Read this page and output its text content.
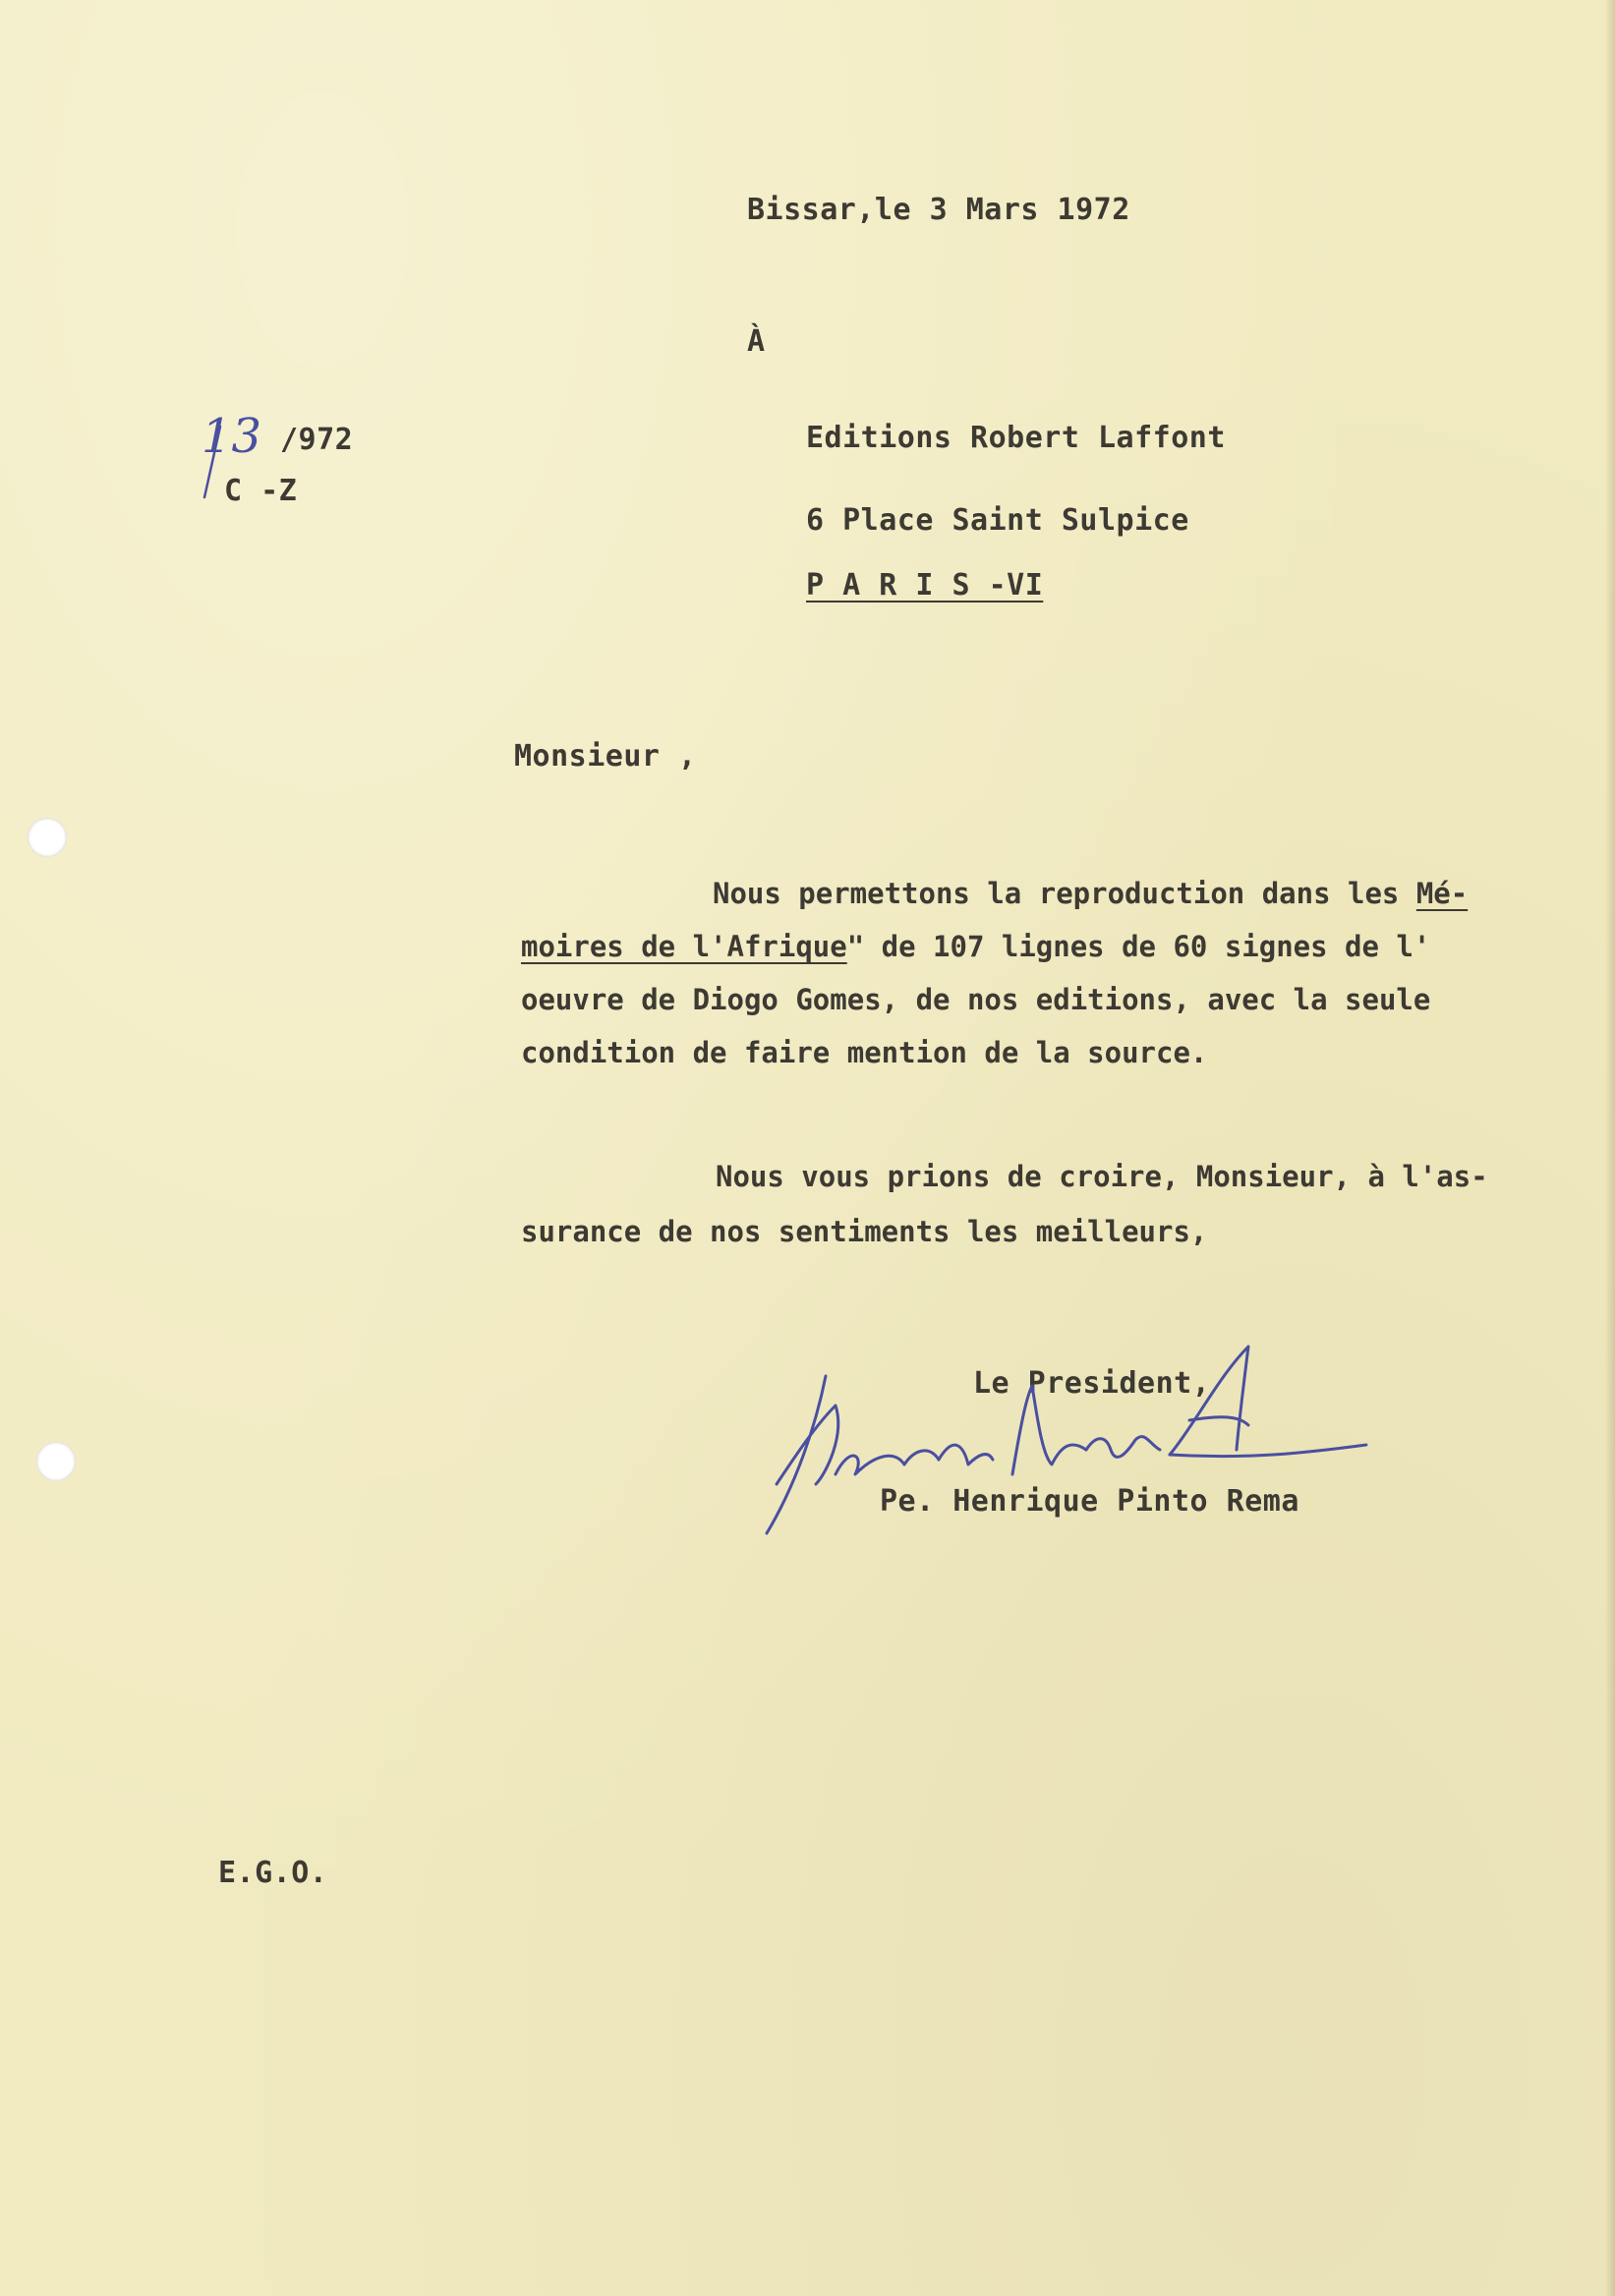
Bissar,le 3 Mars 1972
À
13 /972
C -Z
Editions Robert Laffont
6 Place Saint Sulpice
P A R I S -VI
Monsieur ,
Nous permettons la reproduction dans les Mé-
moires de l'Afrique" de 107 lignes de 60 signes de l'
oeuvre de Diogo Gomes, de nos editions, avec la seule
condition de faire mention de la source.
Nous vous prions de croire, Monsieur, à l'as-
surance de nos sentiments les meilleurs,
Le President,
Pe. Henrique Pinto Rema
E.G.O.
